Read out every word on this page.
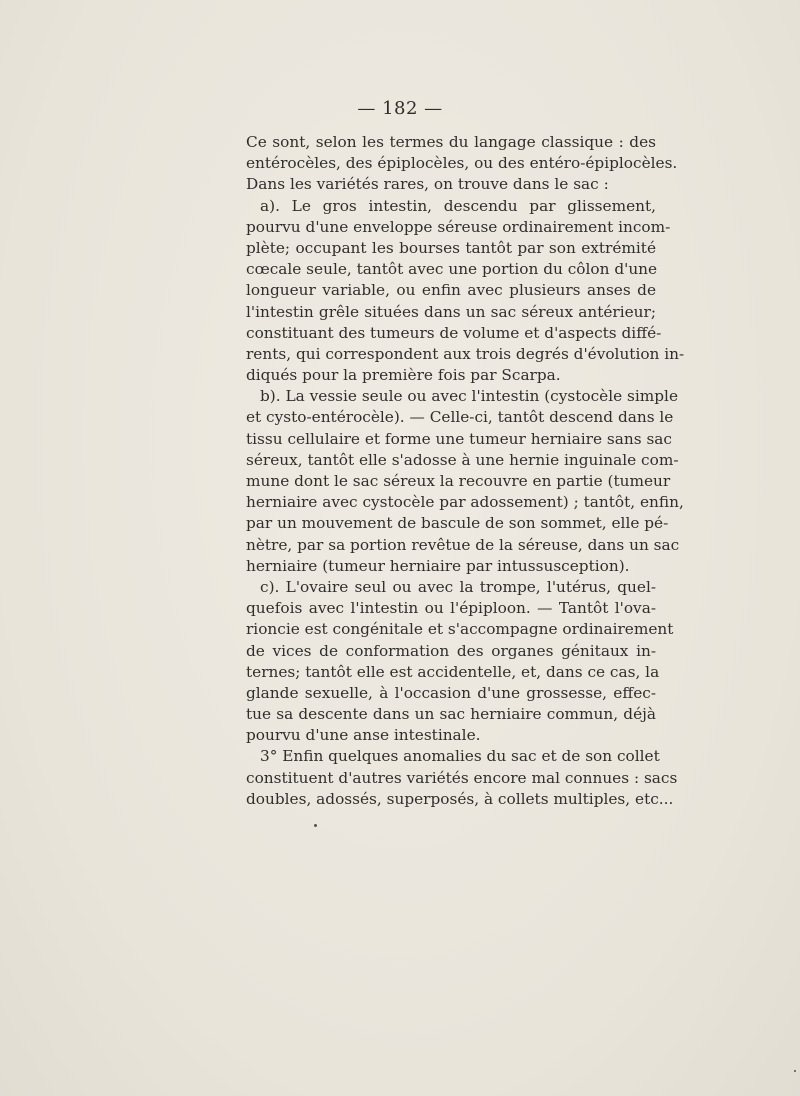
— 182 —
Ce sont, selon les termes du langage classique : des
entérocèles, des épiplocèles, ou des entéro-épiplocèles.
Dans les variétés rares, on trouve dans le sac :
a). Le gros intestin, descendu par glissement,
pourvu d'une enveloppe séreuse ordinairement incom-
plète; occupant les bourses tantôt par son extrémité
cœcale seule, tantôt avec une portion du côlon d'une
longueur variable, ou enfin avec plusieurs anses de
l'intestin grêle situées dans un sac séreux antérieur;
constituant des tumeurs de volume et d'aspects diffé-
rents, qui correspondent aux trois degrés d'évolution in-
diqués pour la première fois par Scarpa.
b). La vessie seule ou avec l'intestin (cystocèle simple
et cysto-entérocèle). — Celle-ci, tantôt descend dans le
tissu cellulaire et forme une tumeur herniaire sans sac
séreux, tantôt elle s'adosse à une hernie inguinale com-
mune dont le sac séreux la recouvre en partie (tumeur
herniaire avec cystocèle par adossement) ; tantôt, enfin,
par un mouvement de bascule de son sommet, elle pé-
nètre, par sa portion revêtue de la séreuse, dans un sac
herniaire (tumeur herniaire par intussusception).
c). L'ovaire seul ou avec la trompe, l'utérus, quel-
quefois avec l'intestin ou l'épiploon. — Tantôt l'ova-
rioncie est congénitale et s'accompagne ordinairement
de vices de conformation des organes génitaux in-
ternes; tantôt elle est accidentelle, et, dans ce cas, la
glande sexuelle, à l'occasion d'une grossesse, effec-
tue sa descente dans un sac herniaire commun, déjà
pourvu d'une anse intestinale.
3° Enfin quelques anomalies du sac et de son collet
constituent d'autres variétés encore mal connues : sacs
doubles, adossés, superposés, à collets multiples, etc...
